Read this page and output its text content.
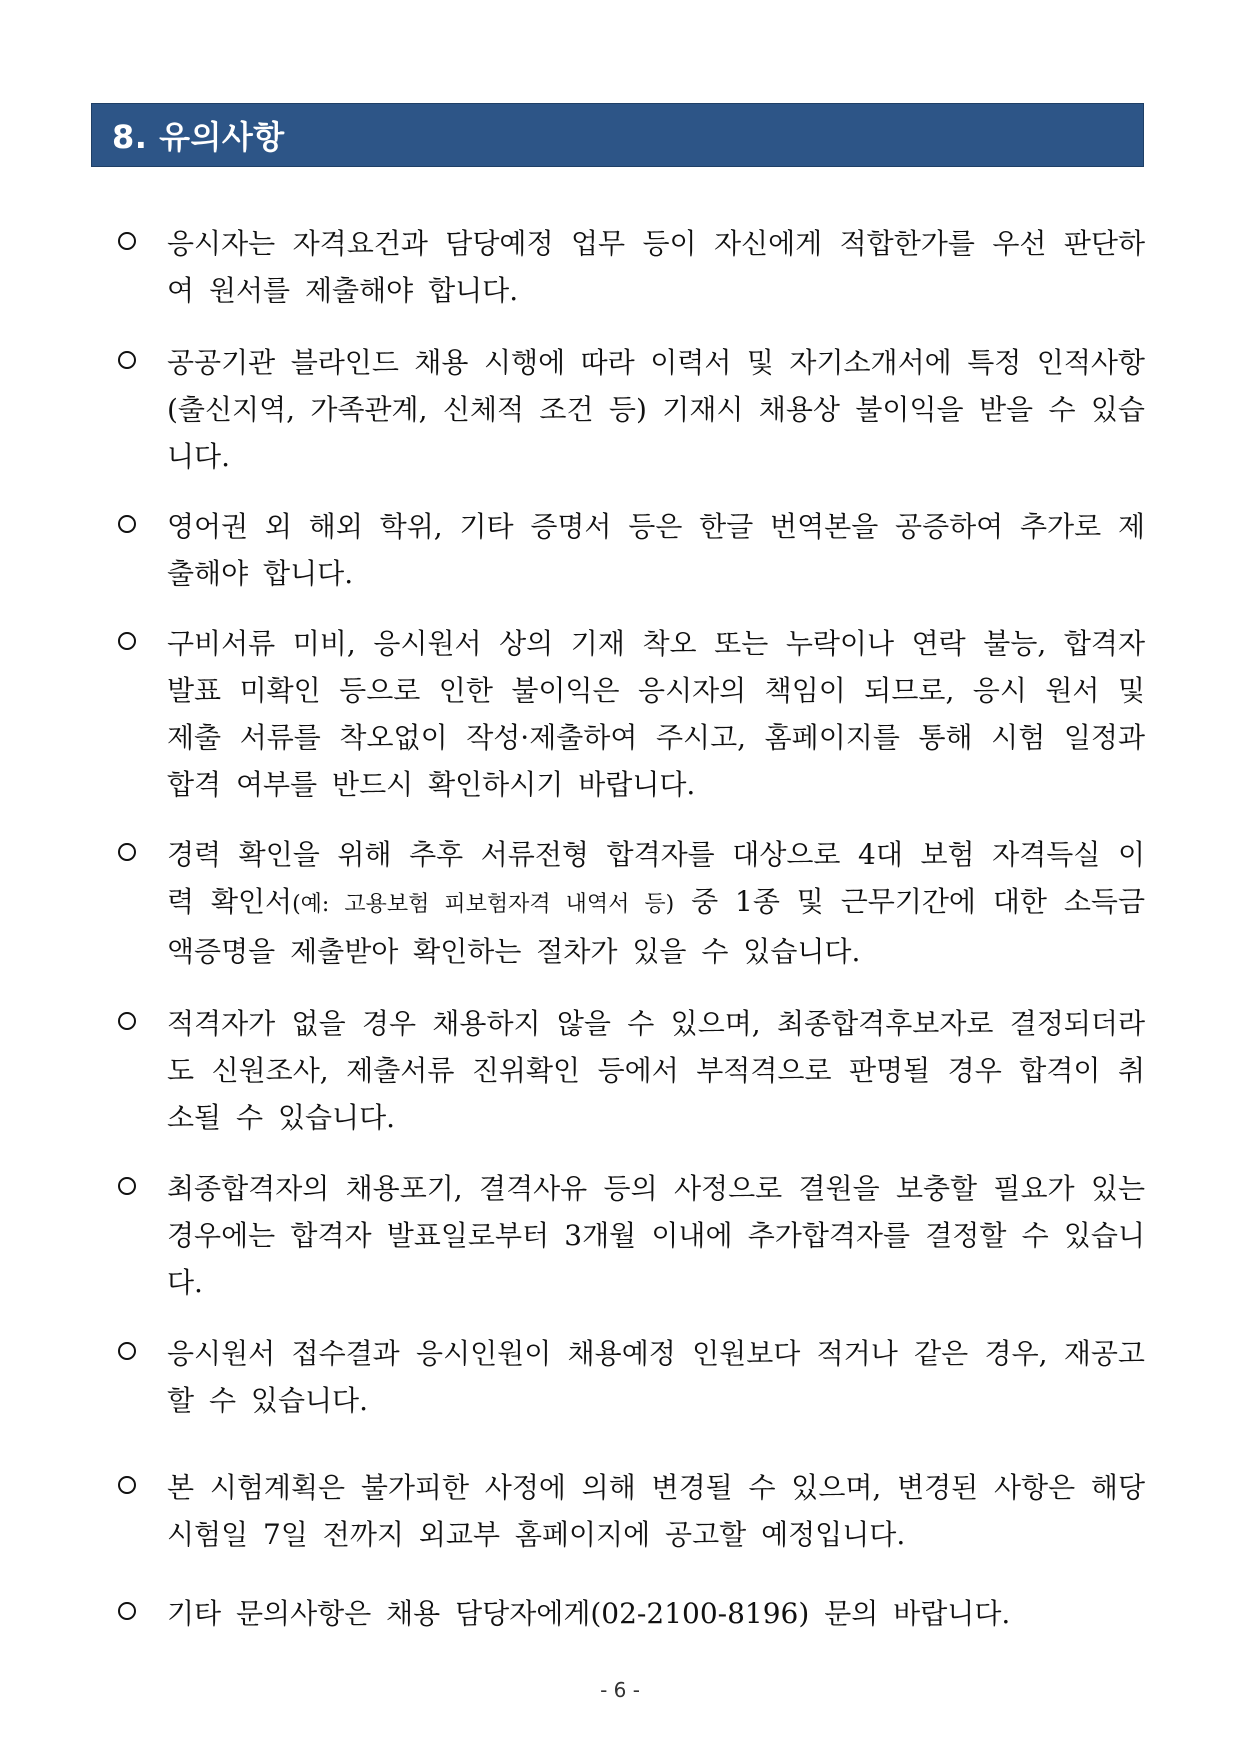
8. 유의사항
응시자는 자격요건과 담당예정 업무 등이 자신에게 적합한가를 우선 판단하여 원서를 제출해야 합니다.
공공기관 블라인드 채용 시행에 따라 이력서 및 자기소개서에 특정 인적사항(출신지역, 가족관계, 신체적 조건 등) 기재시 채용상 불이익을 받을 수 있습니다.
영어권 외 해외 학위, 기타 증명서 등은 한글 번역본을 공증하여 추가로 제출해야 합니다.
구비서류 미비, 응시원서 상의 기재 착오 또는 누락이나 연락 불능, 합격자 발표 미확인 등으로 인한 불이익은 응시자의 책임이 되므로, 응시 원서 및 제출 서류를 착오없이 작성·제출하여 주시고, 홈페이지를 통해 시험 일정과 합격 여부를 반드시 확인하시기 바랍니다.
경력 확인을 위해 추후 서류전형 합격자를 대상으로 4대 보험 자격득실 이력 확인서(예: 고용보험 피보험자격 내역서 등) 중 1종 및 근무기간에 대한 소득금액증명을 제출받아 확인하는 절차가 있을 수 있습니다.
적격자가 없을 경우 채용하지 않을 수 있으며, 최종합격후보자로 결정되더라도 신원조사, 제출서류 진위확인 등에서 부적격으로 판명될 경우 합격이 취소될 수 있습니다.
최종합격자의 채용포기, 결격사유 등의 사정으로 결원을 보충할 필요가 있는 경우에는 합격자 발표일로부터 3개월 이내에 추가합격자를 결정할 수 있습니다.
응시원서 접수결과 응시인원이 채용예정 인원보다 적거나 같은 경우, 재공고 할 수 있습니다.
본 시험계획은 불가피한 사정에 의해 변경될 수 있으며, 변경된 사항은 해당 시험일 7일 전까지 외교부 홈페이지에 공고할 예정입니다.
기타 문의사항은 채용 담당자에게(02-2100-8196) 문의 바랍니다.
- 6 -
